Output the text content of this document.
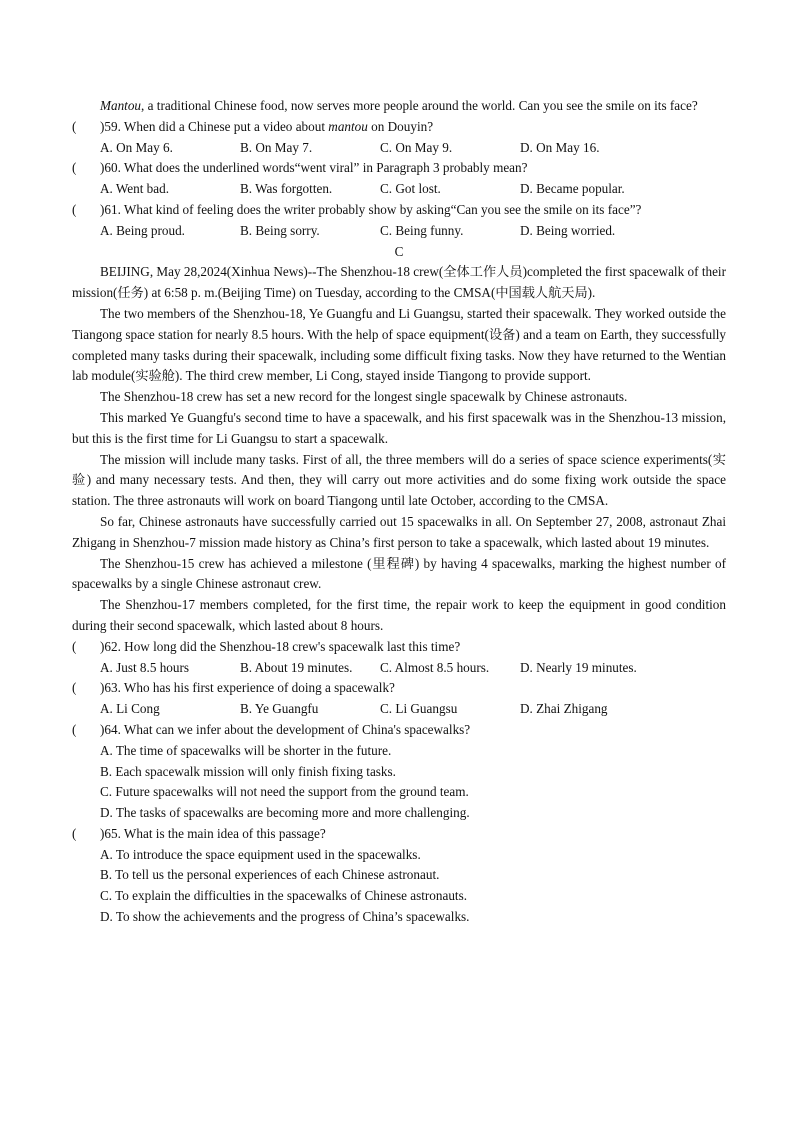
Mantou, a traditional Chinese food, now serves more people around the world. Can you see the smile on its face?

(	)59. When did a Chinese put a video about mantou on Douyin?
A. On May 6.	B. On May 7.	C. On May 9.	D. On May 16.
(	)60. What does the underlined words“went viral” in Paragraph 3 probably mean?
A. Went bad.	B. Was forgotten.	C. Got lost.	D. Became popular.
(	)61. What kind of feeling does the writer probably show by asking“Can you see the smile on its face”?
A. Being proud.	B. Being sorry.	C. Being funny.	D. Being worried.

C

BEIJING, May 28,2024(Xinhua News)--The Shenzhou-18 crew(全体工作人员)completed the first spacewalk of their mission(任务) at 6:58 p. m.(Beijing Time) on Tuesday, according to the CMSA(中国载人航天局).

The two members of the Shenzhou-18, Ye Guangfu and Li Guangsu, started their spacewalk. They worked outside the Tiangong space station for nearly 8.5 hours. With the help of space equipment(设备) and a team on Earth, they successfully completed many tasks during their spacewalk, including some difficult fixing tasks. Now they have returned to the Wentian lab module(实验舱). The third crew member, Li Cong, stayed inside Tiangong to provide support.

The Shenzhou-18 crew has set a new record for the longest single spacewalk by Chinese astronauts.

This marked Ye Guangfu's second time to have a spacewalk, and his first spacewalk was in the Shenzhou-13 mission, but this is the first time for Li Guangsu to start a spacewalk.

The mission will include many tasks. First of all, the three members will do a series of space science experiments(实验) and many necessary tests. And then, they will carry out more activities and do some fixing work outside the space station. The three astronauts will work on board Tiangong until late October, according to the CMSA.

So far, Chinese astronauts have successfully carried out 15 spacewalks in all. On September 27, 2008, astronaut Zhai Zhigang in Shenzhou-7 mission made history as China’s first person to take a spacewalk, which lasted about 19 minutes.

The Shenzhou-15 crew has achieved a milestone (里程碑) by having 4 spacewalks, marking the highest number of spacewalks by a single Chinese astronaut crew.

The Shenzhou-17 members completed, for the first time, the repair work to keep the equipment in good condition during their second spacewalk, which lasted about 8 hours.

(	)62. How long did the Shenzhou-18 crew's spacewalk last this time?
A. Just 8.5 hours	B. About 19 minutes.	C. Almost 8.5 hours.	D. Nearly 19 minutes.
(	)63. Who has his first experience of doing a spacewalk?
A. Li Cong	B. Ye Guangfu	C. Li Guangsu	D. Zhai Zhigang
(	)64. What can we infer about the development of China's spacewalks?

A. The time of spacewalks will be shorter in the future.

B. Each spacewalk mission will only finish fixing tasks.

C. Future spacewalks will not need the support from the ground team.

D. The tasks of spacewalks are becoming more and more challenging.

(	)65. What is the main idea of this passage?

A. To introduce the space equipment used in the spacewalks.

B. To tell us the personal experiences of each Chinese astronaut.

C. To explain the difficulties in the spacewalks of Chinese astronauts.

D. To show the achievements and the progress of China’s spacewalks.
